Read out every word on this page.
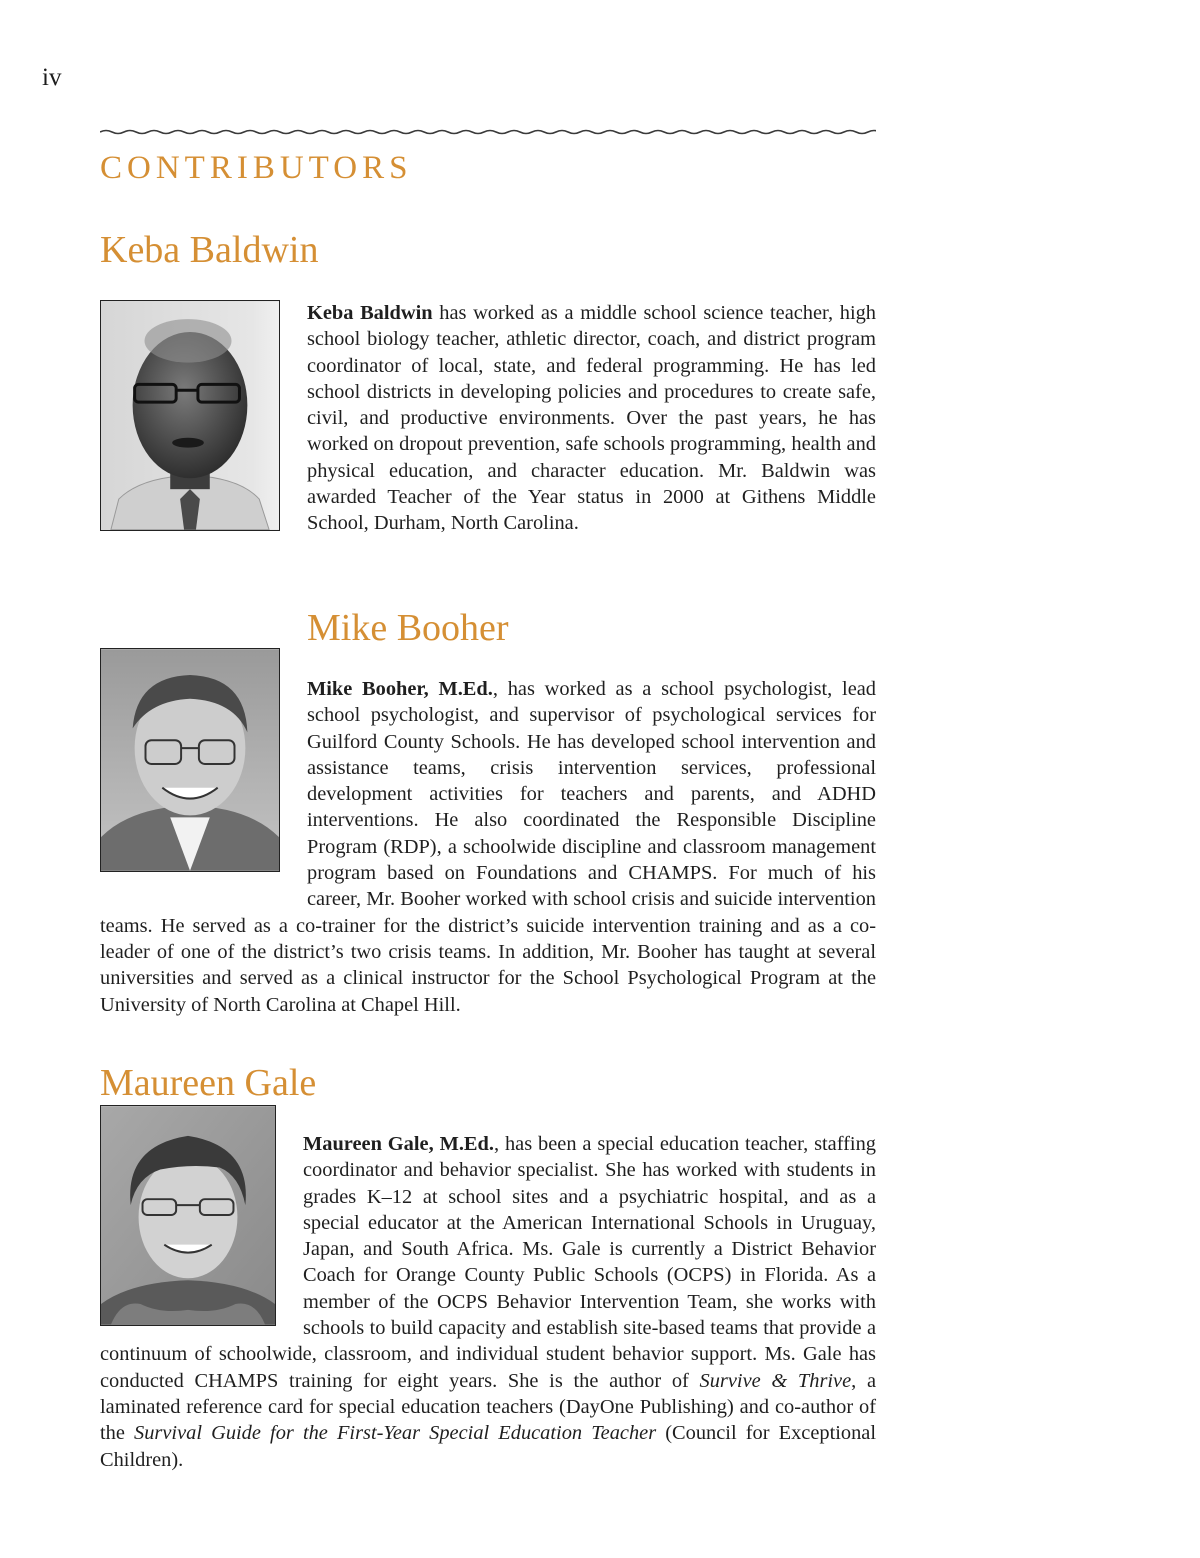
iv
CONTRIBUTORS
Keba Baldwin

Keba Baldwin has worked as a middle school science teacher, high school biology teacher, athletic director, coach, and district program coordinator of local, state, and federal programming. He has led school districts in developing policies and procedures to create safe, civil, and productive environments. Over the past years, he has worked on dropout prevention, safe schools programming, health and physical education, and character education. Mr. Baldwin was awarded Teacher of the Year status in 2000 at Githens Middle School, Durham, North Carolina.

Mike Booher
Mike Booher, M.Ed., has worked as a school psychologist, lead school psychologist, and supervisor of psychological services for Guilford County Schools. He has developed school intervention and assistance teams, crisis intervention services, professional development activities for teachers and parents, and ADHD interventions. He also coordinated the Responsible Discipline Program (RDP), a schoolwide discipline and classroom management program based on Foundations and CHAMPS. For much of his career, Mr. Booher worked with school crisis and suicide intervention teams. He served as a co-trainer for the district’s suicide intervention training and as a co-leader of one of the district’s two crisis teams. In addition, Mr. Booher has taught at several universities and served as a clinical instructor for the School Psychological Program at the University of North Carolina at Chapel Hill.
Maureen Gale
Maureen Gale, M.Ed., has been a special education teacher, staffing coordinator and behavior specialist. She has worked with students in grades K–12 at school sites and a psychiatric hospital, and as a special educator at the American International Schools in Uruguay, Japan, and South Africa. Ms. Gale is currently a District Behavior Coach for Orange County Public Schools (OCPS) in Florida. As a member of the OCPS Behavior Intervention Team, she works with schools to build capacity and establish site-based teams that provide a continuum of schoolwide, classroom, and individual student behavior support. Ms. Gale has conducted CHAMPS training for eight years. She is the author of Survive & Thrive, a laminated reference card for special education teachers (DayOne Publishing) and co-author of the Survival Guide for the First-Year Special Education Teacher (Council for Exceptional Children).
